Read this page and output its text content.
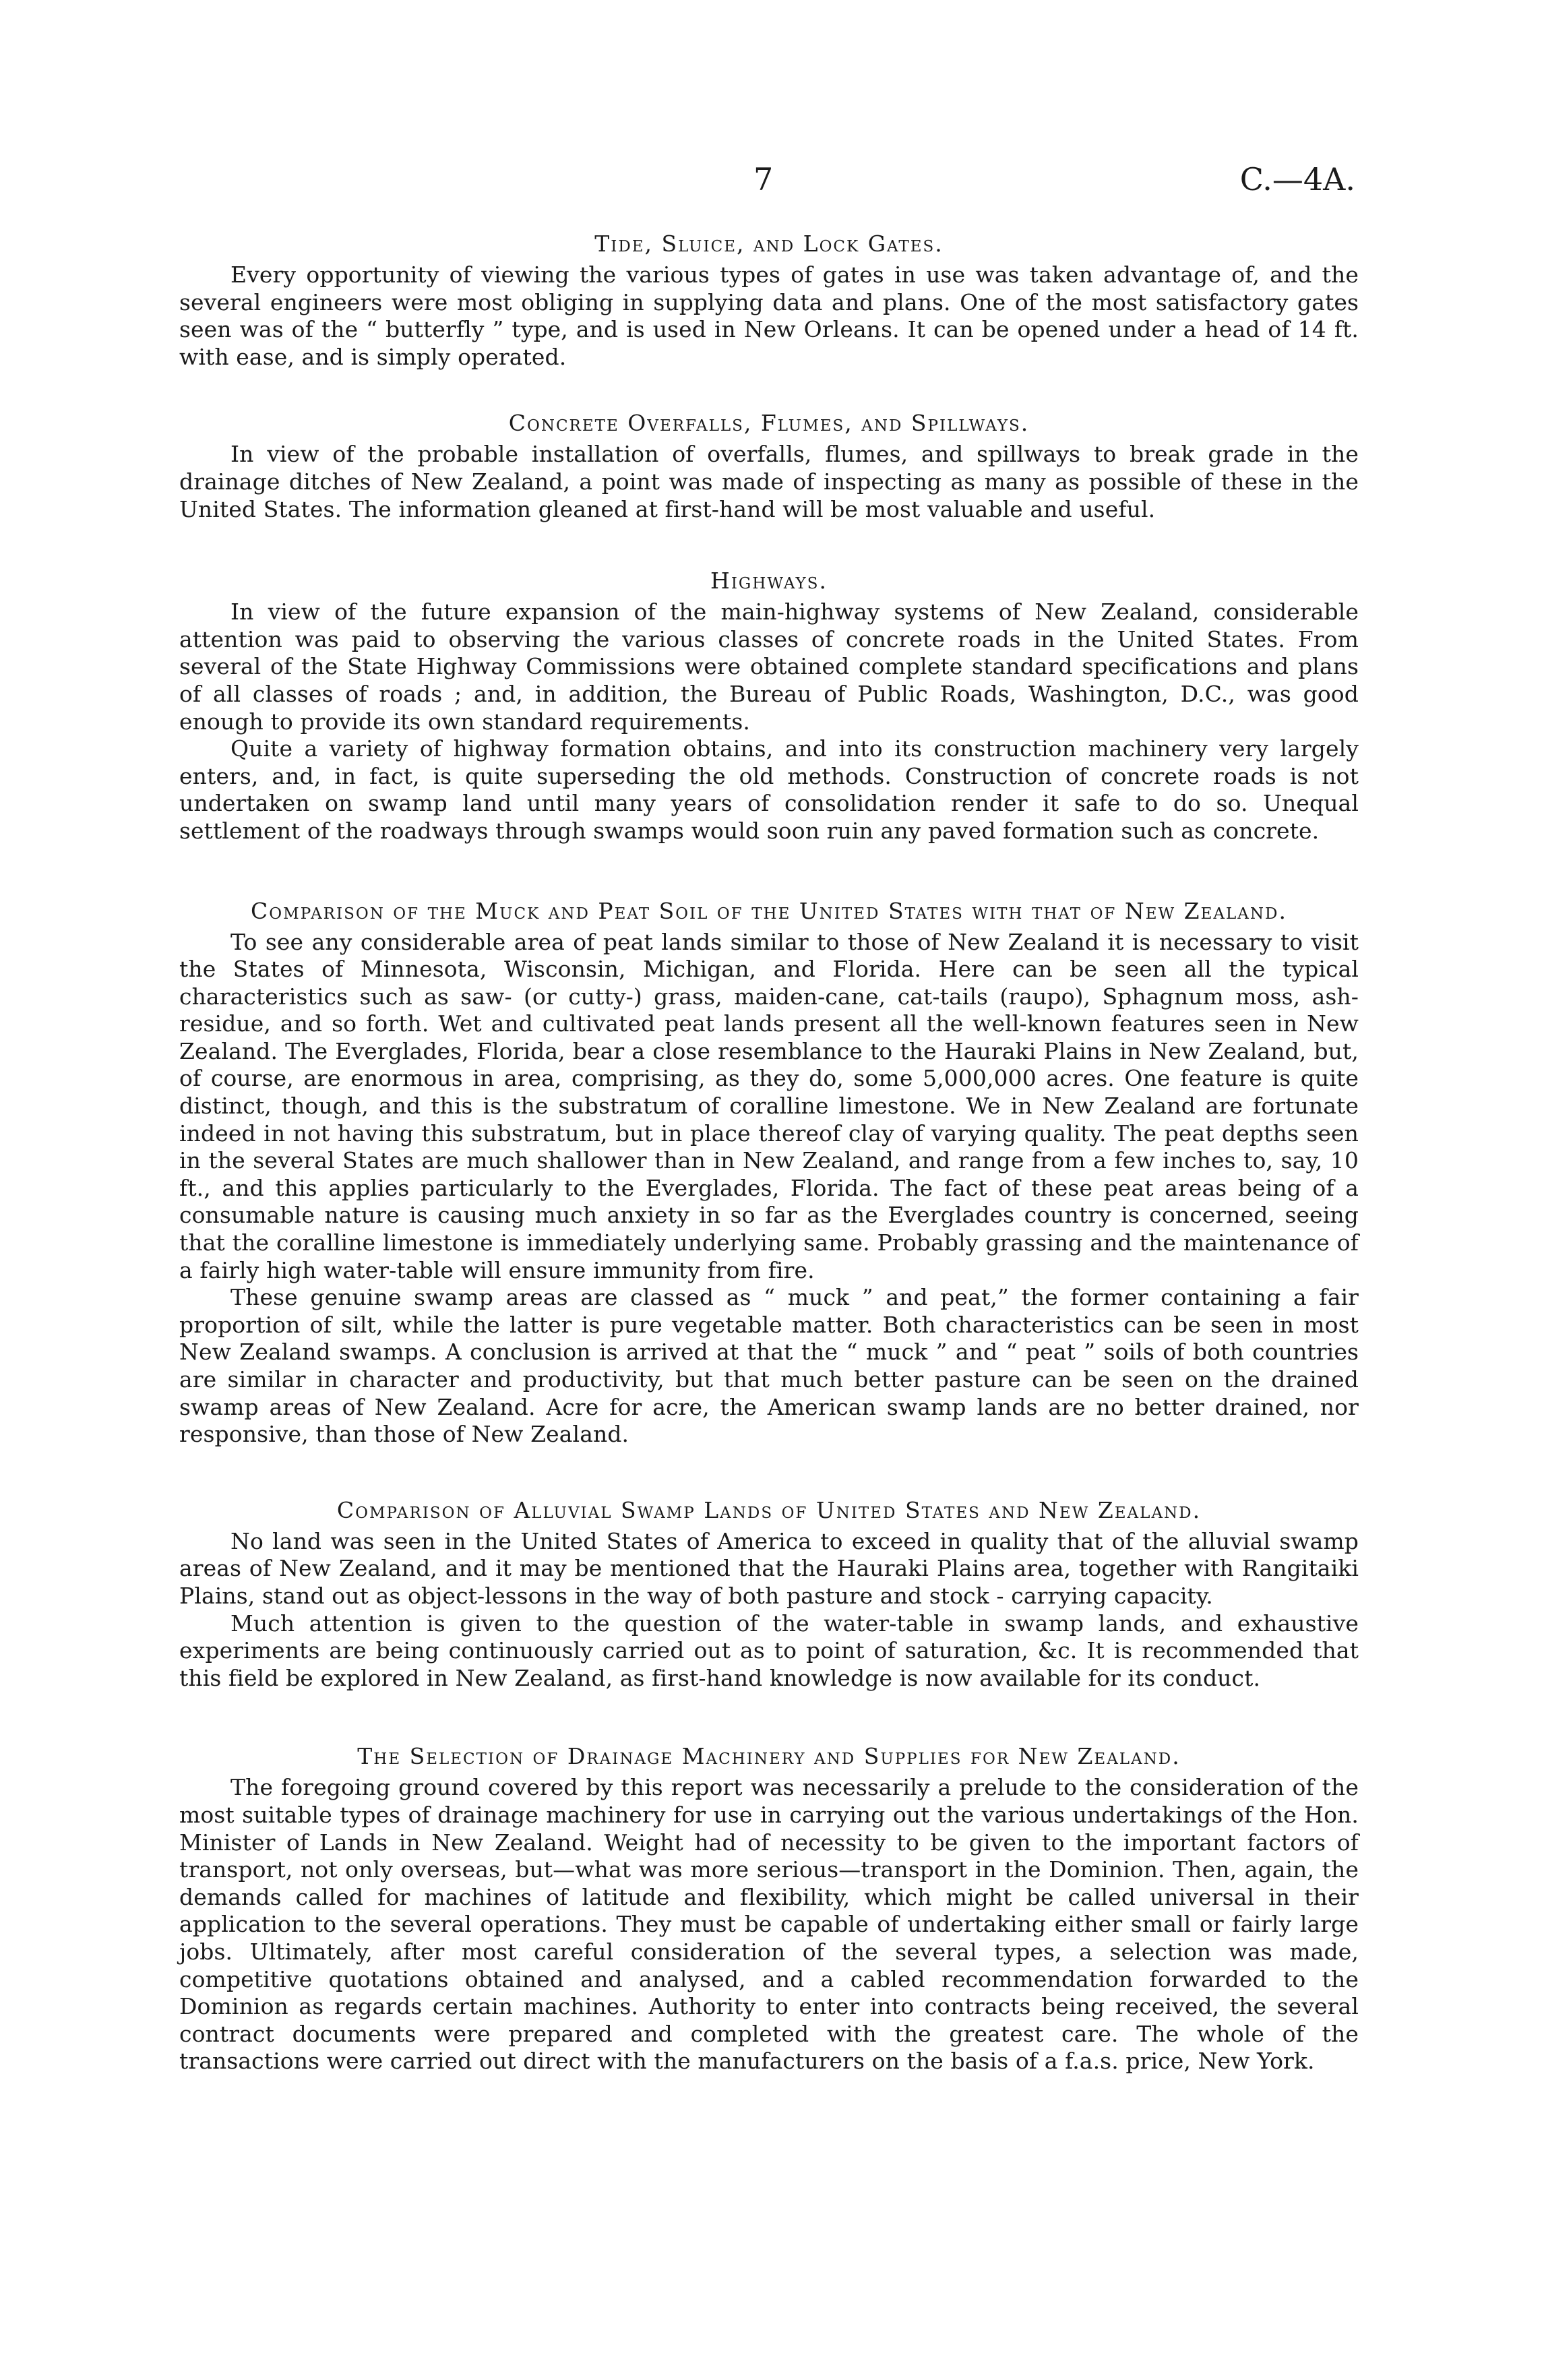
7	C.—4A.
Tide, Sluice, and Lock Gates.

Every opportunity of viewing the various types of gates in use was taken advantage of, and the several engineers were most obliging in supplying data and plans. One of the most satisfactory gates seen was of the “ butterfly ” type, and is used in New Orleans. It can be opened under a head of 14 ft. with ease, and is simply operated.

Concrete Overfalls, Flumes, and Spillways.

In view of the probable installation of overfalls, flumes, and spillways to break grade in the drainage ditches of New Zealand, a point was made of inspecting as many as possible of these in the United States. The information gleaned at first-hand will be most valuable and useful.

Highways.

In view of the future expansion of the main-highway systems of New Zealand, considerable attention was paid to observing the various classes of concrete roads in the United States. From several of the State Highway Commissions were obtained complete standard specifications and plans of all classes of roads ; and, in addition, the Bureau of Public Roads, Washington, D.C., was good enough to provide its own standard requirements.

Quite a variety of highway formation obtains, and into its construction machinery very largely enters, and, in fact, is quite superseding the old methods. Construction of concrete roads is not undertaken on swamp land until many years of consolidation render it safe to do so. Unequal settlement of the roadways through swamps would soon ruin any paved formation such as concrete.

Comparison of the Muck and Peat Soil of the United States with that of New Zealand.

To see any considerable area of peat lands similar to those of New Zealand it is necessary to visit the States of Minnesota, Wisconsin, Michigan, and Florida. Here can be seen all the typical characteristics such as saw- (or cutty-) grass, maiden-cane, cat-tails (raupo), Sphagnum moss, ash-residue, and so forth. Wet and cultivated peat lands present all the well-known features seen in New Zealand. The Everglades, Florida, bear a close resemblance to the Hauraki Plains in New Zealand, but, of course, are enormous in area, comprising, as they do, some 5,000,000 acres. One feature is quite distinct, though, and this is the substratum of coralline limestone. We in New Zealand are fortunate indeed in not having this substratum, but in place thereof clay of varying quality. The peat depths seen in the several States are much shallower than in New Zealand, and range from a few inches to, say, 10 ft., and this applies particularly to the Everglades, Florida. The fact of these peat areas being of a consumable nature is causing much anxiety in so far as the Everglades country is concerned, seeing that the coralline limestone is immediately underlying same. Probably grassing and the maintenance of a fairly high water-table will ensure immunity from fire.

These genuine swamp areas are classed as “ muck ” and peat,” the former containing a fair proportion of silt, while the latter is pure vegetable matter. Both characteristics can be seen in most New Zealand swamps. A conclusion is arrived at that the “ muck ” and “ peat ” soils of both countries are similar in character and productivity, but that much better pasture can be seen on the drained swamp areas of New Zealand. Acre for acre, the American swamp lands are no better drained, nor responsive, than those of New Zealand.

Comparison of Alluvial Swamp Lands of United States and New Zealand.

No land was seen in the United States of America to exceed in quality that of the alluvial swamp areas of New Zealand, and it may be mentioned that the Hauraki Plains area, together with Rangitaiki Plains, stand out as object-lessons in the way of both pasture and stock - carrying capacity.

Much attention is given to the question of the water-table in swamp lands, and exhaustive experiments are being continuously carried out as to point of saturation, &c. It is recommended that this field be explored in New Zealand, as first-hand knowledge is now available for its conduct.

The Selection of Drainage Machinery and Supplies for New Zealand.

The foregoing ground covered by this report was necessarily a prelude to the consideration of the most suitable types of drainage machinery for use in carrying out the various undertakings of the Hon. Minister of Lands in New Zealand. Weight had of necessity to be given to the important factors of transport, not only overseas, but—what was more serious—transport in the Dominion. Then, again, the demands called for machines of latitude and flexibility, which might be called universal in their application to the several operations. They must be capable of undertaking either small or fairly large jobs. Ultimately, after most careful consideration of the several types, a selection was made, competitive quotations obtained and analysed, and a cabled recommendation forwarded to the Dominion as regards certain machines. Authority to enter into contracts being received, the several contract documents were prepared and completed with the greatest care. The whole of the transactions were carried out direct with the manufacturers on the basis of a f.a.s. price, New York.
